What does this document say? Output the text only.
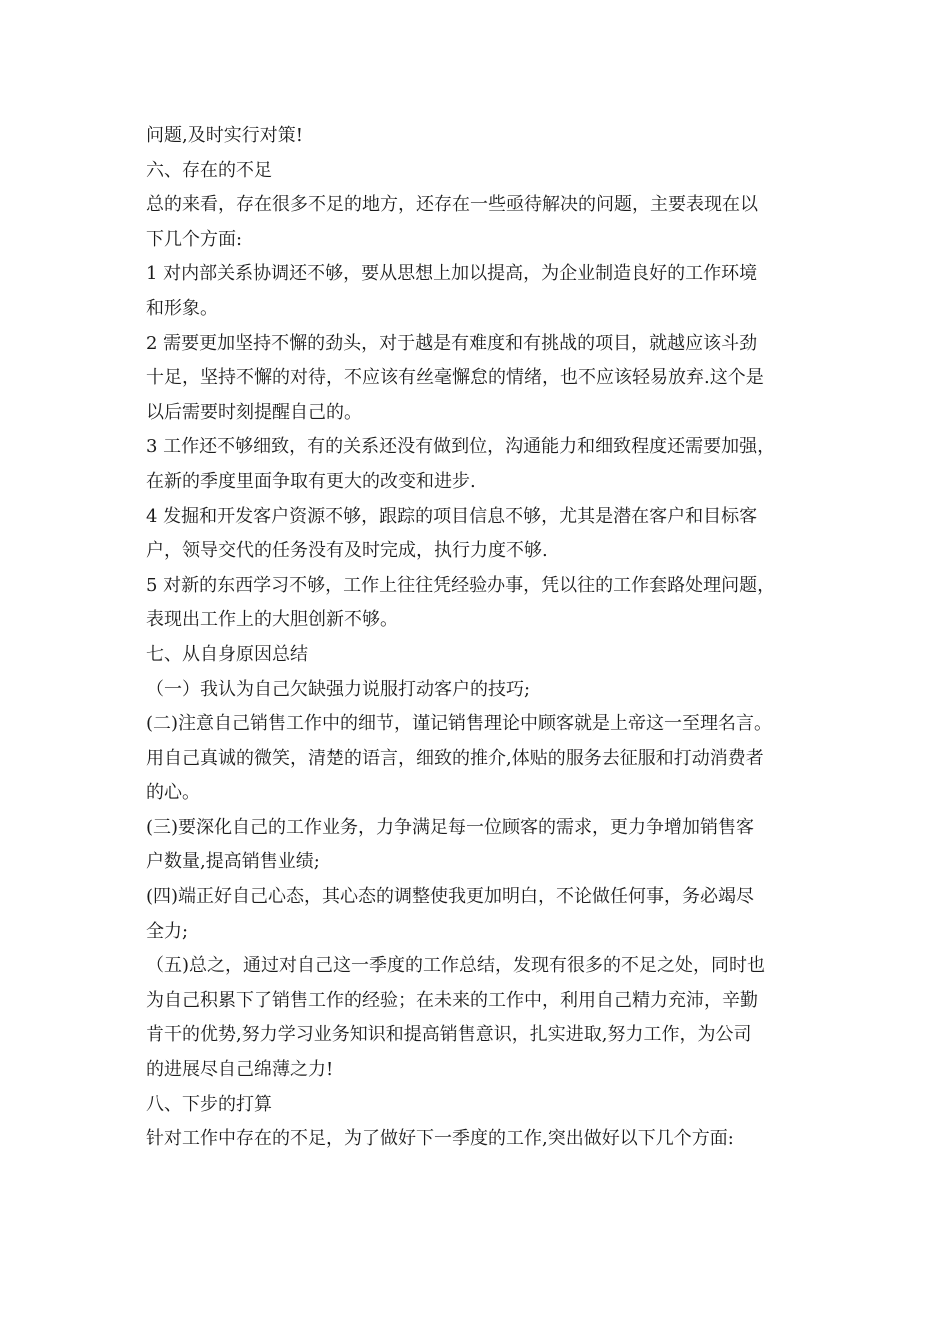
问题,及时实行对策!
六、存在的不足
总的来看，存在很多不足的地方，还存在一些亟待解决的问题，主要表现在以
下几个方面:
1 对内部关系协调还不够，要从思想上加以提高，为企业制造良好的工作环境
和形象。
2 需要更加坚持不懈的劲头，对于越是有难度和有挑战的项目，就越应该斗劲
十足，坚持不懈的对待，不应该有丝毫懈怠的情绪，也不应该轻易放弃.这个是
以后需要时刻提醒自己的。
3 工作还不够细致，有的关系还没有做到位，沟通能力和细致程度还需要加强，
在新的季度里面争取有更大的改变和进步.
4 发掘和开发客户资源不够，跟踪的项目信息不够，尤其是潜在客户和目标客
户，领导交代的任务没有及时完成，执行力度不够.
5 对新的东西学习不够，工作上往往凭经验办事，凭以往的工作套路处理问题，
表现出工作上的大胆创新不够。
七、从自身原因总结
（一）我认为自己欠缺强力说服打动客户的技巧;
(二)注意自己销售工作中的细节，谨记销售理论中顾客就是上帝这一至理名言。
用自己真诚的微笑，清楚的语言，细致的推介,体贴的服务去征服和打动消费者
的心。
(三)要深化自己的工作业务，力争满足每一位顾客的需求，更力争增加销售客
户数量,提高销售业绩;
(四)端正好自己心态，其心态的调整使我更加明白，不论做任何事，务必竭尽
全力;
（五)总之，通过对自己这一季度的工作总结，发现有很多的不足之处，同时也
为自己积累下了销售工作的经验；在未来的工作中，利用自己精力充沛，辛勤
肯干的优势,努力学习业务知识和提高销售意识，扎实进取,努力工作，为公司
的进展尽自己绵薄之力!
八、下步的打算
针对工作中存在的不足，为了做好下一季度的工作,突出做好以下几个方面:
